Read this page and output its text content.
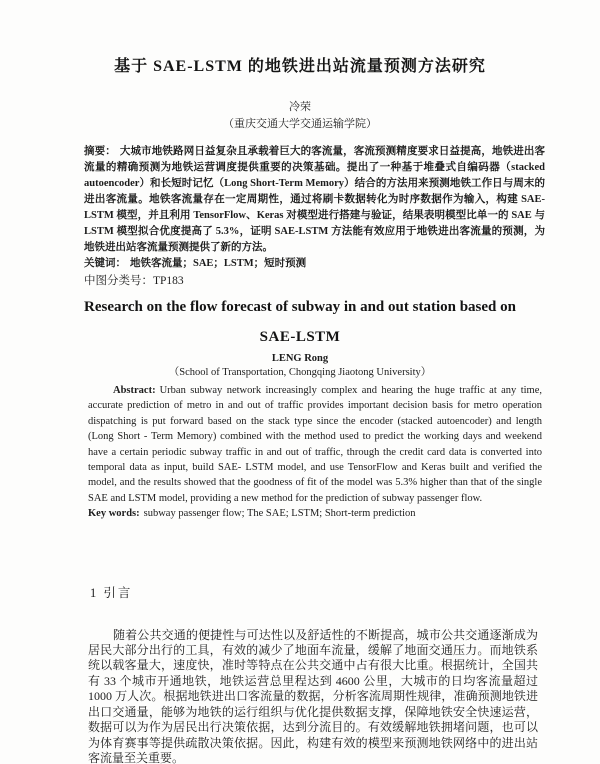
基于 SAE-LSTM 的地铁进出站流量预测方法研究
冷荣
（重庆交通大学交通运输学院）

摘要： 大城市地铁路网日益复杂且承载着巨大的客流量，客流预测精度要求日益提高，地铁进出客流量的精确预测为地铁运营调度提供重要的决策基础。提出了一种基于堆叠式自编码器（stacked autoencoder）和长短时记忆（Long Short-Term Memory）结合的方法用来预测地铁工作日与周末的进出客流量。地铁客流量存在一定周期性，通过将刷卡数据转化为时序数据作为输入，构建 SAE-LSTM 模型，并且利用 TensorFlow、Keras 对模型进行搭建与验证，结果表明模型比单一的 SAE 与 LSTM 模型拟合优度提高了 5.3%，证明 SAE-LSTM 方法能有效应用于地铁进出客流量的预测，为地铁进出站客流量预测提供了新的方法。

关键词： 地铁客流量；SAE；LSTM；短时预测

中图分类号：TP183

Research on the flow forecast of subway in and out station based on
SAE-LSTM
LENG Rong
（School of Transportation, Chongqing Jiaotong University）

Abstract: Urban subway network increasingly complex and hearing the huge traffic at any time, accurate prediction of metro in and out of traffic provides important decision basis for metro operation dispatching is put forward based on the stack type since the encoder (stacked autoencoder) and length (Long Short - Term Memory) combined with the method used to predict the working days and weekend have a certain periodic subway traffic in and out of traffic, through the credit card data is converted into temporal data as input, build SAE- LSTM model, and use TensorFlow and Keras built and verified the model, and the results showed that the goodness of fit of the model was 5.3% higher than that of the single SAE and LSTM model, providing a new method for the prediction of subway passenger flow.

Key words: subway passenger flow; The SAE; LSTM; Short-term prediction

1 引言

随着公共交通的便捷性与可达性以及舒适性的不断提高，城市公共交通逐渐成为居民大部分出行的工具，有效的减少了地面车流量，缓解了地面交通压力。而地铁系统以载客量大，速度快，准时等特点在公共交通中占有很大比重。根据统计，全国共有 33 个城市开通地铁，地铁运营总里程达到 4600 公里，大城市的日均客流量超过 1000 万人次。根据地铁进出口客流量的数据，分析客流周期性规律，准确预测地铁进出口交通量，能够为地铁的运行组织与优化提供数据支撑，保障地铁安全快速运营，数据可以为作为居民出行决策依据，达到分流目的。有效缓解地铁拥堵问题，也可以为体育赛事等提供疏散决策依据。因此，构建有效的模型来预测地铁网络中的进出站客流量至关重要。
